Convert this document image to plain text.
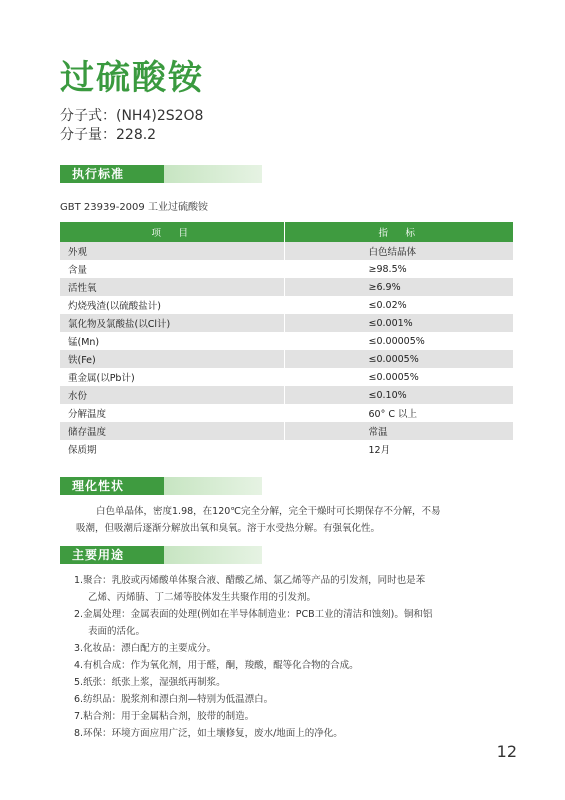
过硫酸铵
分子式：(NH4)2S2O8
分子量：228.2
执行标准
GBT 23939-2009 工业过硫酸铵
项　目	指　标
外观	白色结晶体
含量	≥98.5%
活性氧	≥6.9%
灼烧残渣(以硫酸盐计)	≤0.02%
氯化物及氯酸盐(以Cl计)	≤0.001%
锰(Mn)	≤0.00005%
铁(Fe)	≤0.0005%
重金属(以Pb计)	≤0.0005%
水份	≤0.10%
分解温度	60° C 以上
储存温度	常温
保质期	12月
理化性状
白色单晶体，密度1.98，在120℃完全分解，完全干燥时可长期保存不分解，不易
吸潮，但吸潮后逐渐分解放出氧和臭氧。溶于水受热分解。有强氧化性。
主要用途
1.聚合：乳胶或丙烯酸单体聚合液、醋酸乙烯、氯乙烯等产品的引发剂，同时也是苯
乙烯、丙烯腈、丁二烯等胶体发生共聚作用的引发剂。
2.金属处理：金属表面的处理(例如在半导体制造业：PCB工业的清洁和蚀刻)。铜和铝
表面的活化。
3.化妆品：漂白配方的主要成分。
4.有机合成：作为氧化剂，用于醛，酮，羧酸，醌等化合物的合成。
5.纸张：纸张上浆，湿强纸再制浆。
6.纺织品：脱浆剂和漂白剂—特别为低温漂白。
7.粘合剂：用于金属粘合剂，胶带的制造。
8.环保：环境方面应用广泛，如土壤修复，废水/地面上的净化。
12
